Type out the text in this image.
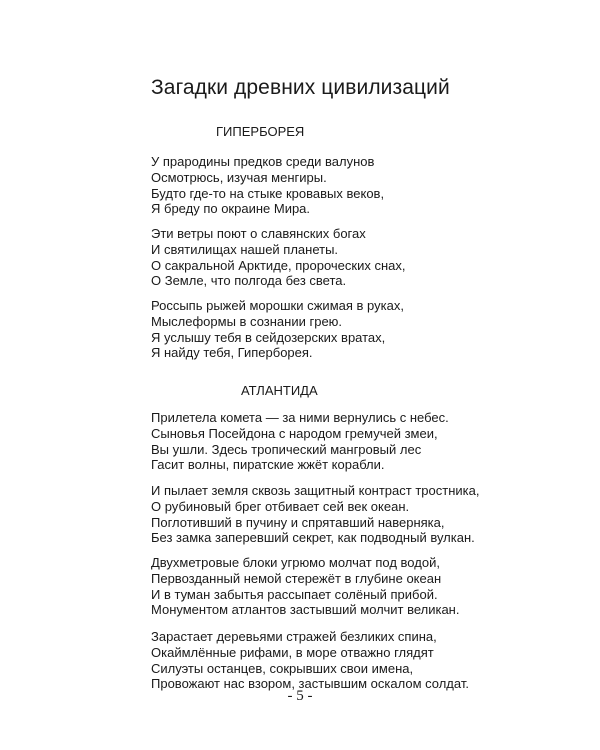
Загадки древних цивилизаций
ГИПЕРБОРЕЯ
У прародины предков среди валунов
Осмотрюсь, изучая менгиры.
Будто где-то на стыке кровавых веков,
Я бреду по окраине Мира.
Эти ветры поют о славянских богах
И святилищах нашей планеты.
О сакральной Арктиде, пророческих снах,
О Земле, что полгода без света.
Россыпь рыжей морошки сжимая в руках,
Мыслеформы в сознании грею.
Я услышу тебя в сейдозерских вратах,
Я найду тебя, Гиперборея.
АТЛАНТИДА
Прилетела комета — за ними вернулись с небес.
Сыновья Посейдона с народом гремучей змеи,
Вы ушли. Здесь тропический мангровый лес
Гасит волны, пиратские жжёт корабли.
И пылает земля сквозь защитный контраст тростника,
О рубиновый брег отбивает сей век океан.
Поглотивший в пучину и спрятавший наверняка,
Без замка заперевший секрет, как подводный вулкан.
Двухметровые блоки угрюмо молчат под водой,
Первозданный немой стережёт в глубине океан
И в туман забытья рассыпает солёный прибой.
Монументом атлантов застывший молчит великан.
Зарастает деревьями стражей безликих спина,
Окаймлённые рифами, в море отважно глядят
Силуэты останцев, сокрывших свои имена,
Провожают нас взором, застывшим оскалом солдат.
- 5 -
